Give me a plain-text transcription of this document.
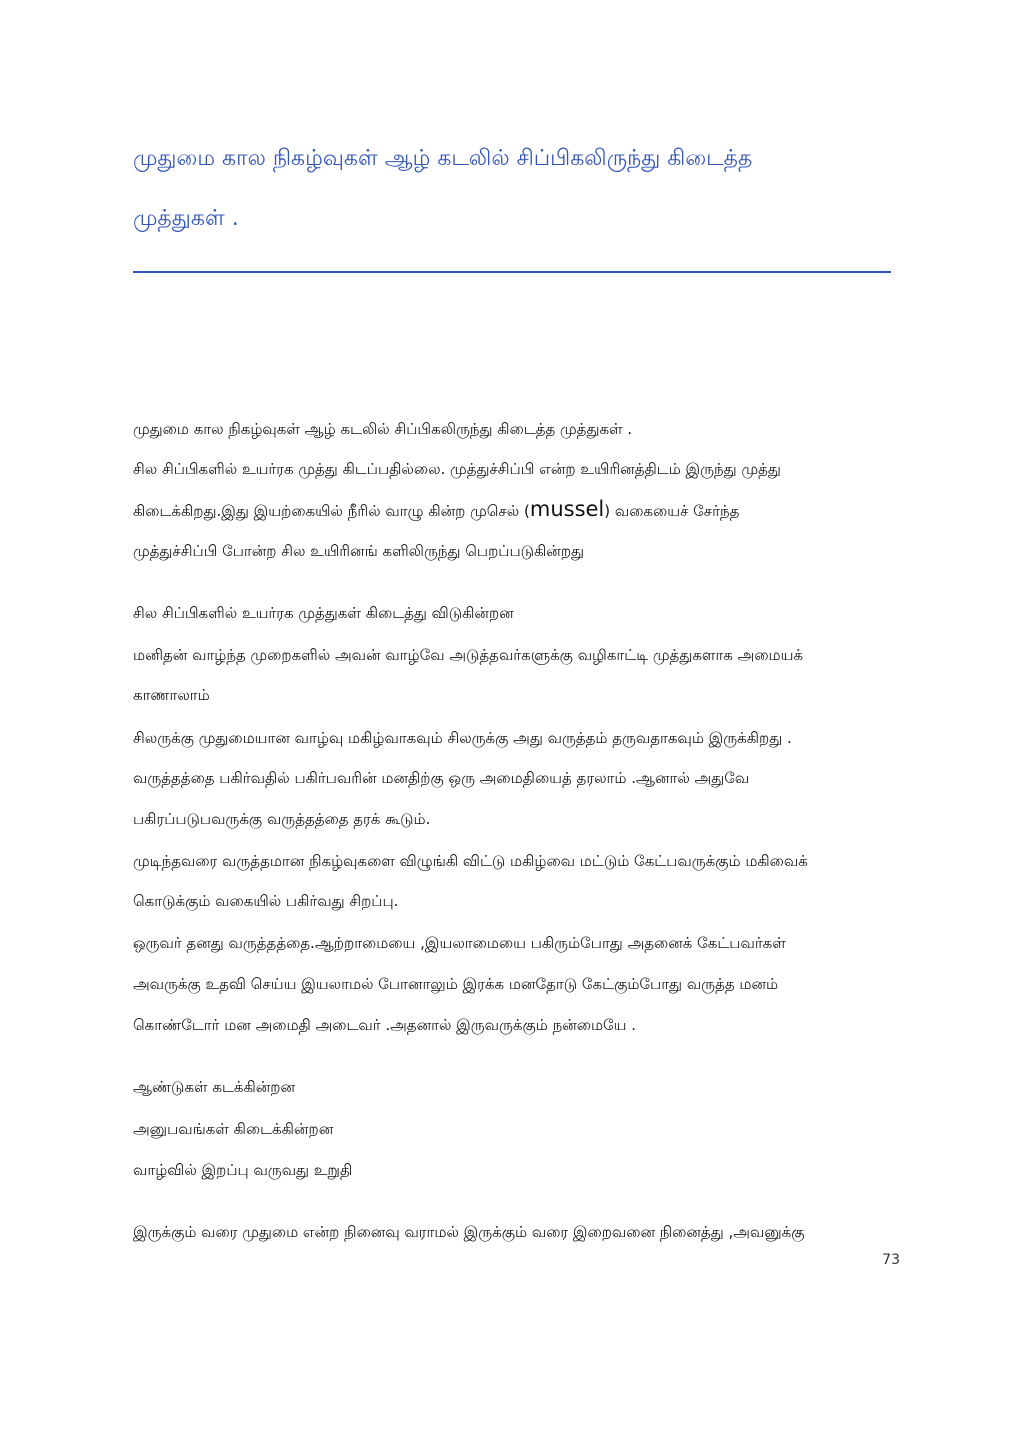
முதுமை கால நிகழ்வுகள் ஆழ் கடலில் சிப்பிகலிருந்து கிடைத்த
முத்துகள் .
முதுமை கால நிகழ்வுகள் ஆழ் கடலில் சிப்பிகலிருந்து கிடைத்த முத்துகள் .
சில சிப்பிகளில் உயர்ரக முத்து கிடப்பதில்லை. முத்துச்சிப்பி என்ற உயிரினத்திடம் இருந்து முத்து
கிடைக்கிறது.இது இயற்கையில் நீரில் வாழு கின்ற முசெல் (mussel) வகையைச் சேர்ந்த
முத்துச்சிப்பி போன்ற சில உயிரினங் களிலிருந்து பெறப்படுகின்றது
சில சிப்பிகளில் உயர்ரக முத்துகள் கிடைத்து விடுகின்றன
மனிதன் வாழ்ந்த முறைகளில் அவன் வாழ்வே அடுத்தவர்களுக்கு வழிகாட்டி முத்துகளாக அமையக்
காணாலாம்
சிலருக்கு முதுமையான வாழ்வு மகிழ்வாகவும் சிலருக்கு அது வருத்தம் தருவதாகவும் இருக்கிறது .
வருத்தத்தை பகிர்வதில் பகிர்பவரின் மனதிற்கு ஒரு அமைதியைத் தரலாம் .ஆனால் அதுவே
பகிரப்படுபவருக்கு வருத்தத்தை தரக் கூடும்.
முடிந்தவரை வருத்தமான நிகழ்வுகளை விழுங்கி விட்டு மகிழ்வை மட்டும் கேட்பவருக்கும் மகிவைக்
கொடுக்கும் வகையில் பகிர்வது சிறப்பு.
ஒருவர் தனது வருத்தத்தை.ஆற்றாமையை ,இயலாமையை பகிரும்போது அதனைக் கேட்பவர்கள்
அவருக்கு உதவி செய்ய இயலாமல் போனாலும் இரக்க மனதோடு கேட்கும்போது வருத்த மனம்
கொண்டோர் மன அமைதி அடைவர் .அதனால் இருவருக்கும் நன்மையே .
ஆண்டுகள் கடக்கின்றன
அனுபவங்கள் கிடைக்கின்றன
வாழ்வில் இறப்பு வருவது உறுதி
இருக்கும் வரை முதுமை என்ற நினைவு வராமல் இருக்கும் வரை இறைவனை நினைத்து ,அவனுக்கு
73
